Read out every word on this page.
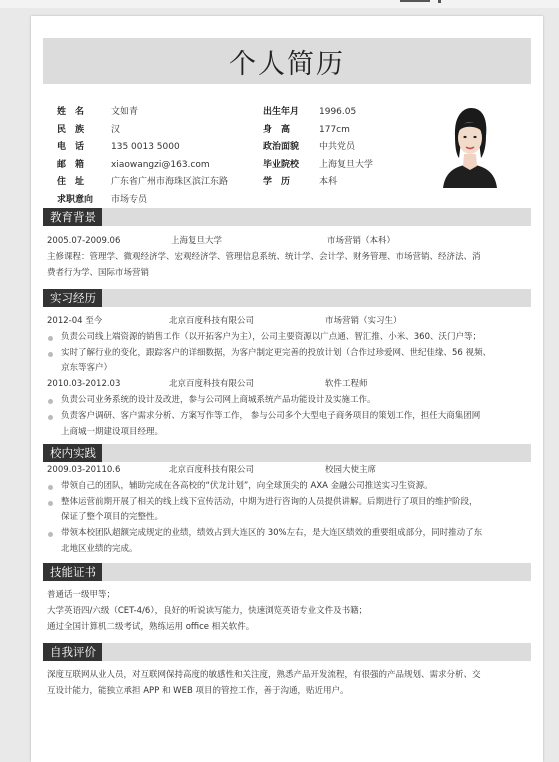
个人简历
姓　名	文如青
民　族	汉
电　话	135 0013 5000
邮　箱	xiaowangzi@163.com
住　址	广东省广州市海珠区滨江东路
求职意向	市场专员
出生年月	1996.05
身　高	177cm
政治面貌	中共党员
毕业院校	上海复旦大学
学　历	本科
教育背景
2005.07-2009.06	上海复旦大学	市场营销（本科）
主修课程：管理学、微观经济学、宏观经济学、管理信息系统、统计学、会计学、财务管理、市场营销、经济法、消
费者行为学、国际市场营销
实习经历
2012-04 至今	北京百度科技有限公司	市场营销（实习生）
负责公司线上端资源的销售工作（以开拓客户为主），公司主要资源以广点通、智汇推、小米、360、沃门户等；
实时了解行业的变化，跟踪客户的详细数据，为客户制定更完善的投放计划（合作过珍爱网、世纪佳缘、56 视频、
京东等客户）
2010.03-2012.03	北京百度科技有限公司	软件工程师
负责公司业务系统的设计及改进，参与公司网上商城系统产品功能设计及实施工作。
负责客户调研、客户需求分析、方案写作等工作， 参与公司多个大型电子商务项目的策划工作，担任大商集团网
上商城一期建设项目经理。
校内实践
2009.03-20110.6	北京百度科技有限公司	校园大使主席
带领自己的团队，辅助完成在各高校的“伏龙计划”，向全球顶尖的 AXA 金融公司推送实习生资源。
整体运营前期开展了相关的线上线下宣传活动，中期为进行咨询的人员提供讲解。后期进行了项目的维护阶段，
保证了整个项目的完整性。
带领本校团队超额完成规定的业绩，绩效占到大连区的 30%左右，是大连区绩效的重要组成部分，同时推动了东
北地区业绩的完成。
技能证书
普通话一级甲等；
大学英语四/六级（CET-4/6），良好的听说读写能力，快速浏览英语专业文件及书籍；
通过全国计算机二级考试，熟练运用 office 相关软件。
自我评价
深度互联网从业人员，对互联网保持高度的敏感性和关注度，熟悉产品开发流程，有很强的产品规划、需求分析、交
互设计能力，能独立承担 APP 和 WEB 项目的管控工作，善于沟通，贴近用户。
